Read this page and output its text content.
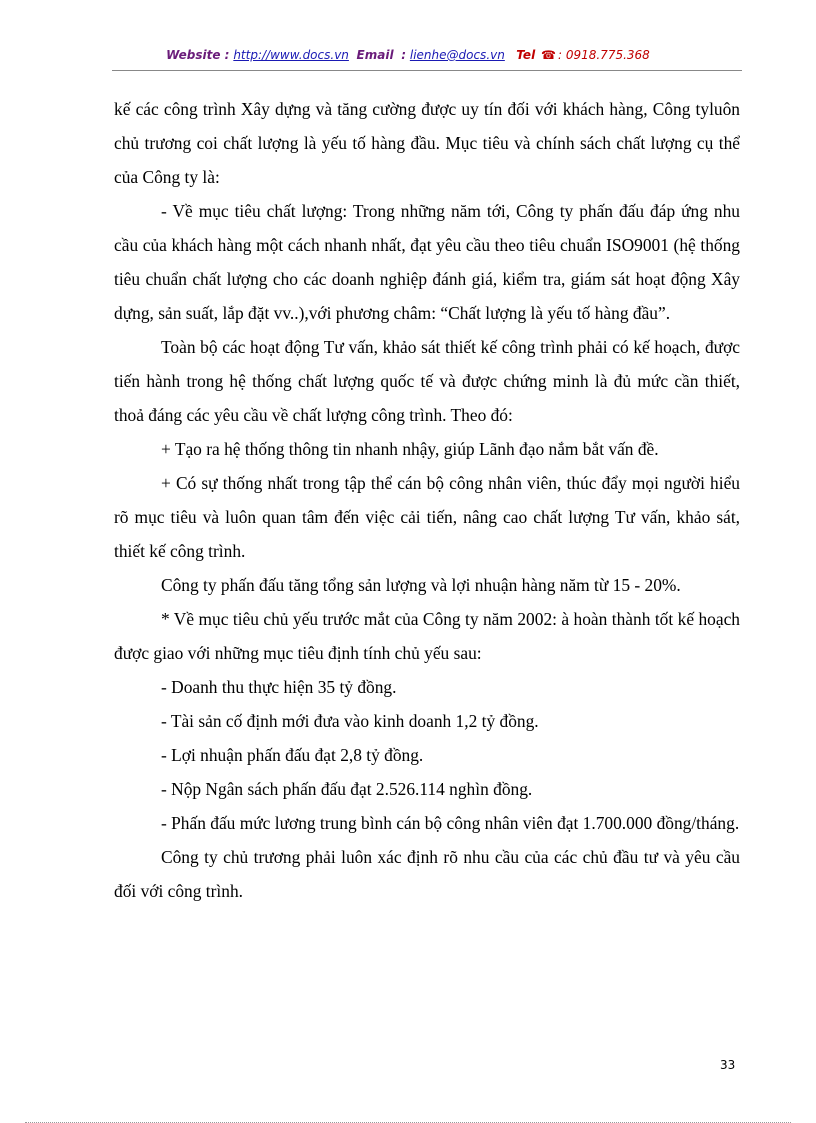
Website : http://www.docs.vn Email : lienhe@docs.vn Tel ☎ : 0918.775.368

kế các công trình Xây dựng và tăng cường được uy tín đối với khách hàng, Công tyluôn chủ trương coi chất lượng là yếu tố hàng đầu. Mục tiêu và chính sách chất lượng cụ thể của Công ty là:

- Về mục tiêu chất lượng: Trong những năm tới, Công ty phấn đấu đáp ứng nhu cầu của khách hàng một cách nhanh nhất, đạt yêu cầu theo tiêu chuẩn ISO9001 (hệ thống tiêu chuẩn chất lượng cho các doanh nghiệp đánh giá, kiểm tra, giám sát hoạt động Xây dựng, sản suất, lắp đặt vv..),với phương châm: “Chất lượng là yếu tố hàng đầu”.

Toàn bộ các hoạt động Tư vấn, khảo sát thiết kế công trình phải có kế hoạch, được tiến hành trong hệ thống chất lượng quốc tế và được chứng minh là đủ mức cần thiết, thoả đáng các yêu cầu về chất lượng công trình. Theo đó:

+ Tạo ra hệ thống thông tin nhanh nhậy, giúp Lãnh đạo nắm bắt vấn đề.

+ Có sự thống nhất trong tập thể cán bộ công nhân viên, thúc đẩy mọi người hiểu rõ mục tiêu và luôn quan tâm đến việc cải tiến, nâng cao chất lượng Tư vấn, khảo sát, thiết kế công trình.

Công ty phấn đấu tăng tổng sản lượng và lợi nhuận hàng năm từ 15 - 20%.

* Về mục tiêu chủ yếu trước mắt của Công ty năm 2002: à hoàn thành tốt kế hoạch được giao với những mục tiêu định tính chủ yếu sau:

- Doanh thu thực hiện 35 tỷ đồng.

- Tài sản cố định mới đưa vào kinh doanh 1,2 tỷ đồng.

- Lợi nhuận phấn đấu đạt 2,8 tỷ đồng.

- Nộp Ngân sách phấn đấu đạt 2.526.114 nghìn đồng.

- Phấn đấu mức lương trung bình cán bộ công nhân viên đạt 1.700.000 đồng/tháng.

Công ty chủ trương phải luôn xác định rõ nhu cầu của các chủ đầu tư và yêu cầu đối với công trình.

33
